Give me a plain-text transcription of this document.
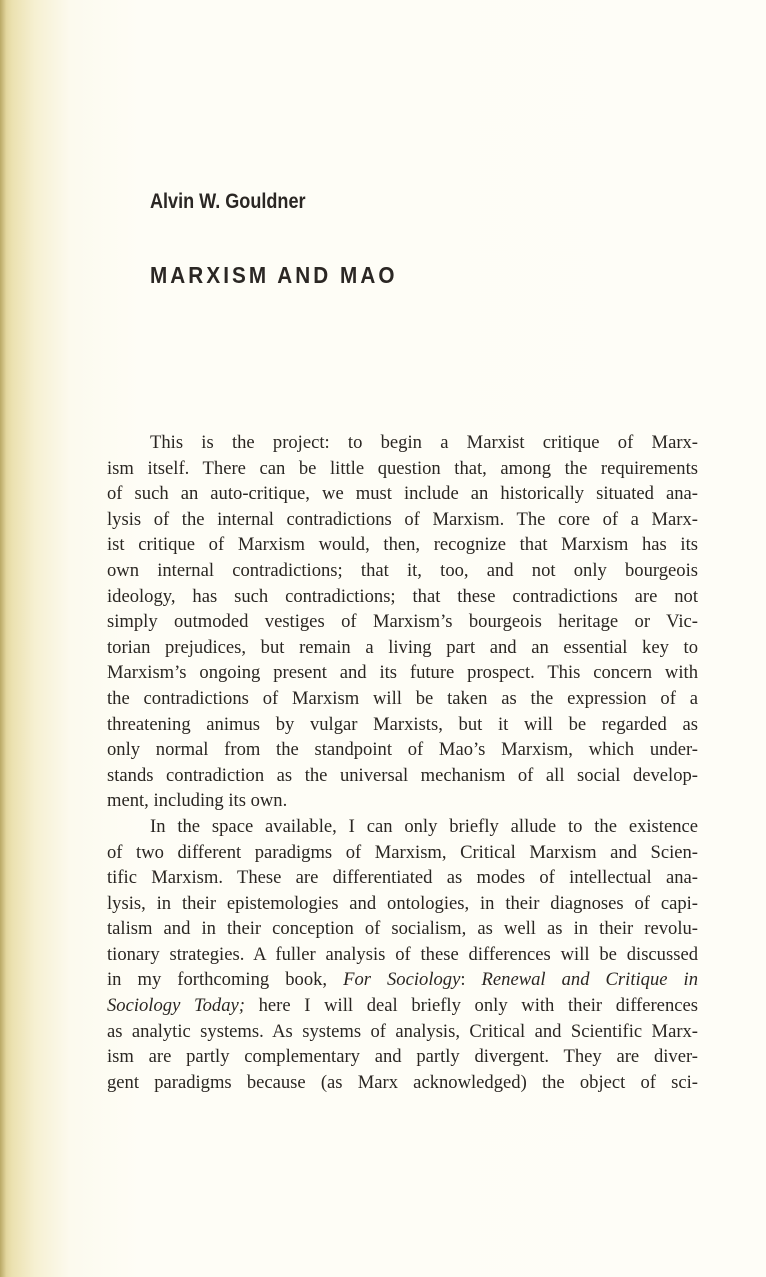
Alvin W. Gouldner
MARXISM AND MAO
This is the project: to begin a Marxist critique of Marx-
ism itself. There can be little question that, among the requirements
of such an auto-critique, we must include an historically situated ana-
lysis of the internal contradictions of Marxism. The core of a Marx-
ist critique of Marxism would, then, recognize that Marxism has its
own internal contradictions; that it, too, and not only bourgeois
ideology, has such contradictions; that these contradictions are not
simply outmoded vestiges of Marxism’s bourgeois heritage or Vic-
torian prejudices, but remain a living part and an essential key to
Marxism’s ongoing present and its future prospect. This concern with
the contradictions of Marxism will be taken as the expression of a
threatening animus by vulgar Marxists, but it will be regarded as
only normal from the standpoint of Mao’s Marxism, which under-
stands contradiction as the universal mechanism of all social develop-
ment, including its own.
In the space available, I can only briefly allude to the existence
of two different paradigms of Marxism, Critical Marxism and Scien-
tific Marxism. These are differentiated as modes of intellectual ana-
lysis, in their epistemologies and ontologies, in their diagnoses of capi-
talism and in their conception of socialism, as well as in their revolu-
tionary strategies. A fuller analysis of these differences will be discussed
in my forthcoming book, For Sociology: Renewal and Critique in
Sociology Today; here I will deal briefly only with their differences
as analytic systems. As systems of analysis, Critical and Scientific Marx-
ism are partly complementary and partly divergent. They are diver-
gent paradigms because (as Marx acknowledged) the object of sci-
